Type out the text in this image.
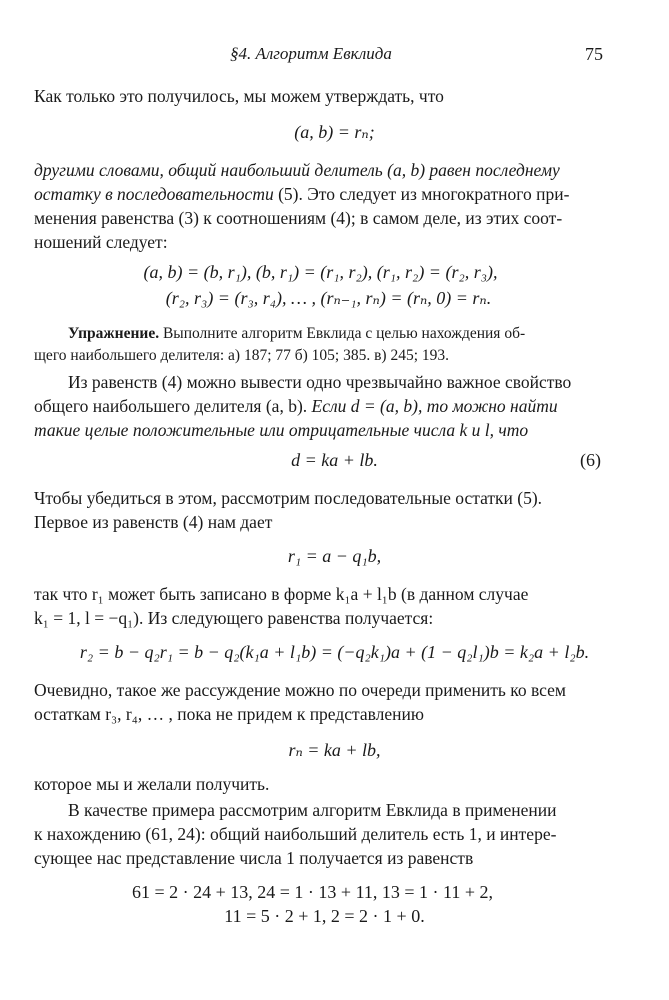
§4. Алгоритм Евклида	75
Как только это получилось, мы можем утверждать, что
(a, b) = rₙ;
другими словами, общий наибольший делитель (a, b) равен последнему
остатку в последовательности (5). Это следует из многократного при-
менения равенства (3) к соотношениям (4); в самом деле, из этих соот-
ношений следует:
(a, b) = (b, r₁), (b, r₁) = (r₁, r₂), (r₁, r₂) = (r₂, r₃),
(r₂, r₃) = (r₃, r₄), … , (rₙ₋₁, rₙ) = (rₙ, 0) = rₙ.
Упражнение. Выполните алгоритм Евклида с целью нахождения об-
щего наибольшего делителя: а) 187; 77 б) 105; 385. в) 245; 193.
Из равенств (4) можно вывести одно чрезвычайно важное свойство
общего наибольшего делителя (a, b). Если d = (a, b), то можно найти
такие целые положительные или отрицательные числа k и l, что
d = ka + lb.	(6)
Чтобы убедиться в этом, рассмотрим последовательные остатки (5).
Первое из равенств (4) нам дает
r₁ = a − q₁b,
так что r₁ может быть записано в форме k₁a + l₁b (в данном случае
k₁ = 1, l = −q₁). Из следующего равенства получается:
r₂ = b − q₂r₁ = b − q₂(k₁a + l₁b) = (−q₂k₁)a + (1 − q₂l₁)b = k₂a + l₂b.
Очевидно, такое же рассуждение можно по очереди применить ко всем
остаткам r₃, r₄, … , пока не придем к представлению
rₙ = ka + lb,
которое мы и желали получить.
В качестве примера рассмотрим алгоритм Евклида в применении
к нахождению (61, 24): общий наибольший делитель есть 1, и интере-
сующее нас представление числа 1 получается из равенств
61 = 2 · 24 + 13, 24 = 1 · 13 + 11, 13 = 1 · 11 + 2,
11 = 5 · 2 + 1, 2 = 2 · 1 + 0.
